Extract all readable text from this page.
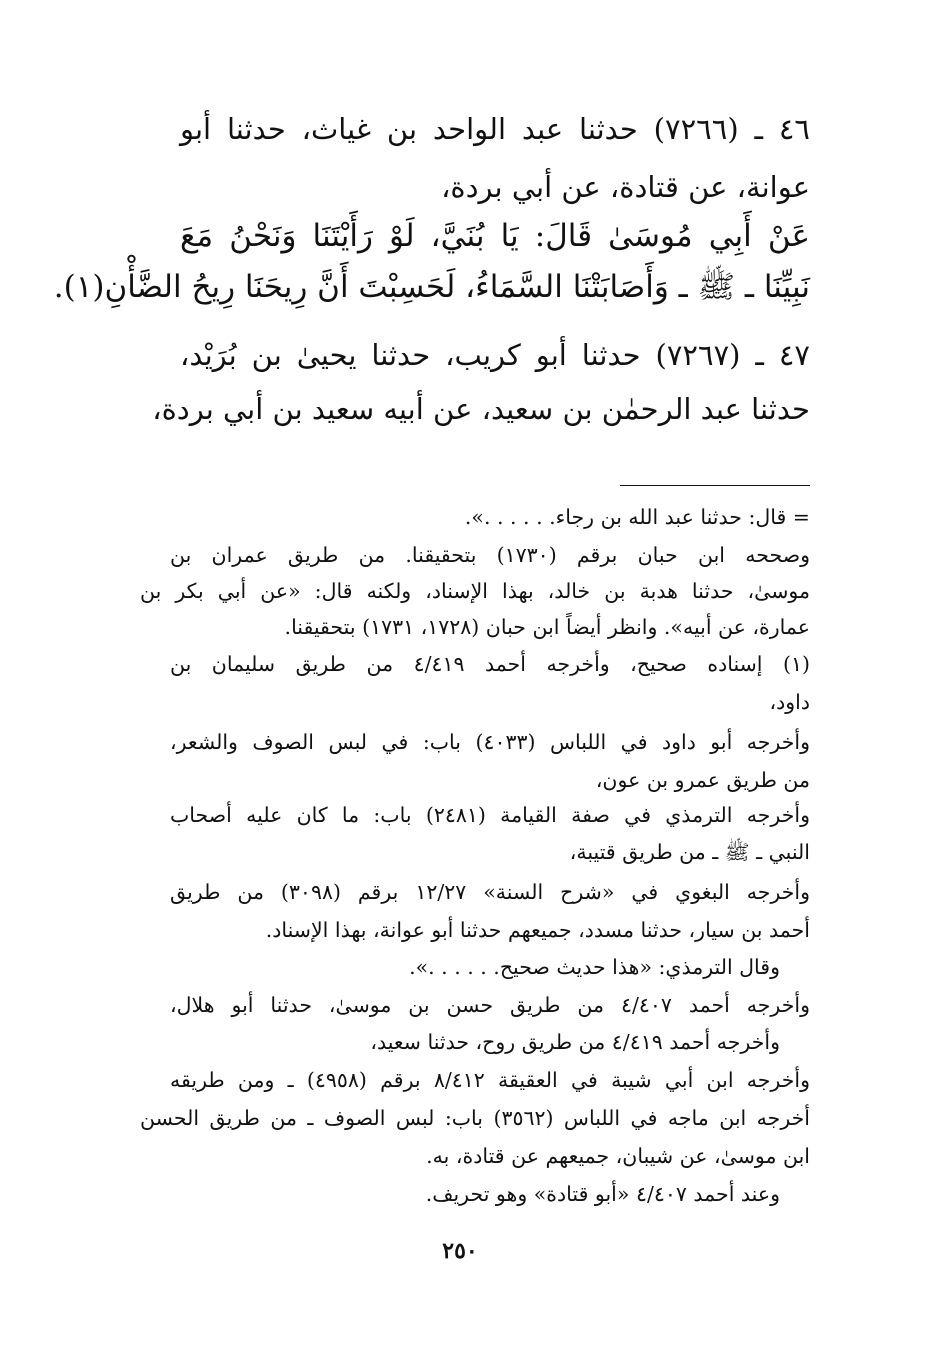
٤٦ ـ (٧٢٦٦) حدثنا عبد الواحد بن غياث، حدثنا أبو
عوانة، عن قتادة، عن أبي بردة،
عَنْ أَبِي مُوسَىٰ قَالَ: يَا بُنَيَّ، لَوْ رَأَيْتَنَا وَنَحْنُ مَعَ
نَبِيِّنَا ـ ﷺ ـ وَأَصَابَتْنَا السَّمَاءُ، لَحَسِبْتَ أَنَّ رِيحَنَا رِيحُ الضَّأْنِ(١).
٤٧ ـ (٧٢٦٧) حدثنا أبو كريب، حدثنا يحيىٰ بن بُرَيْد،
حدثنا عبد الرحمٰن بن سعيد، عن أبيه سعيد بن أبي بردة،
= قال: حدثنا عبد الله بن رجاء. . . . . .».
وصححه ابن حبان برقم (١٧٣٠) بتحقيقنا. من طريق عمران بن
موسىٰ، حدثنا هدبة بن خالد، بهذا الإسناد، ولكنه قال: «عن أبي بكر بن
عمارة، عن أبيه». وانظر أيضاً ابن حبان (١٧٢٨، ١٧٣١) بتحقيقنا.
(١) إسناده صحيح، وأخرجه أحمد ٤/٤١٩ من طريق سليمان بن
داود،
وأخرجه أبو داود في اللباس (٤٠٣٣) باب: في لبس الصوف والشعر،
من طريق عمرو بن عون،
وأخرجه الترمذي في صفة القيامة (٢٤٨١) باب: ما كان عليه أصحاب
النبي ـ ﷺ ـ من طريق قتيبة،
وأخرجه البغوي في «شرح السنة» ١٢/٢٧ برقم (٣٠٩٨) من طريق
أحمد بن سيار، حدثنا مسدد، جميعهم حدثنا أبو عوانة، بهذا الإسناد.
وقال الترمذي: «هذا حديث صحيح. . . . . .».
وأخرجه أحمد ٤/٤٠٧ من طريق حسن بن موسىٰ، حدثنا أبو هلال،
وأخرجه أحمد ٤/٤١٩ من طريق روح، حدثنا سعيد،
وأخرجه ابن أبي شيبة في العقيقة ٨/٤١٢ برقم (٤٩٥٨) ـ ومن طريقه
أخرجه ابن ماجه في اللباس (٣٥٦٢) باب: لبس الصوف ـ من طريق الحسن
ابن موسىٰ، عن شيبان، جميعهم عن قتادة، به.
وعند أحمد ٤/٤٠٧ «أبو قتادة» وهو تحريف.
٢٥٠
